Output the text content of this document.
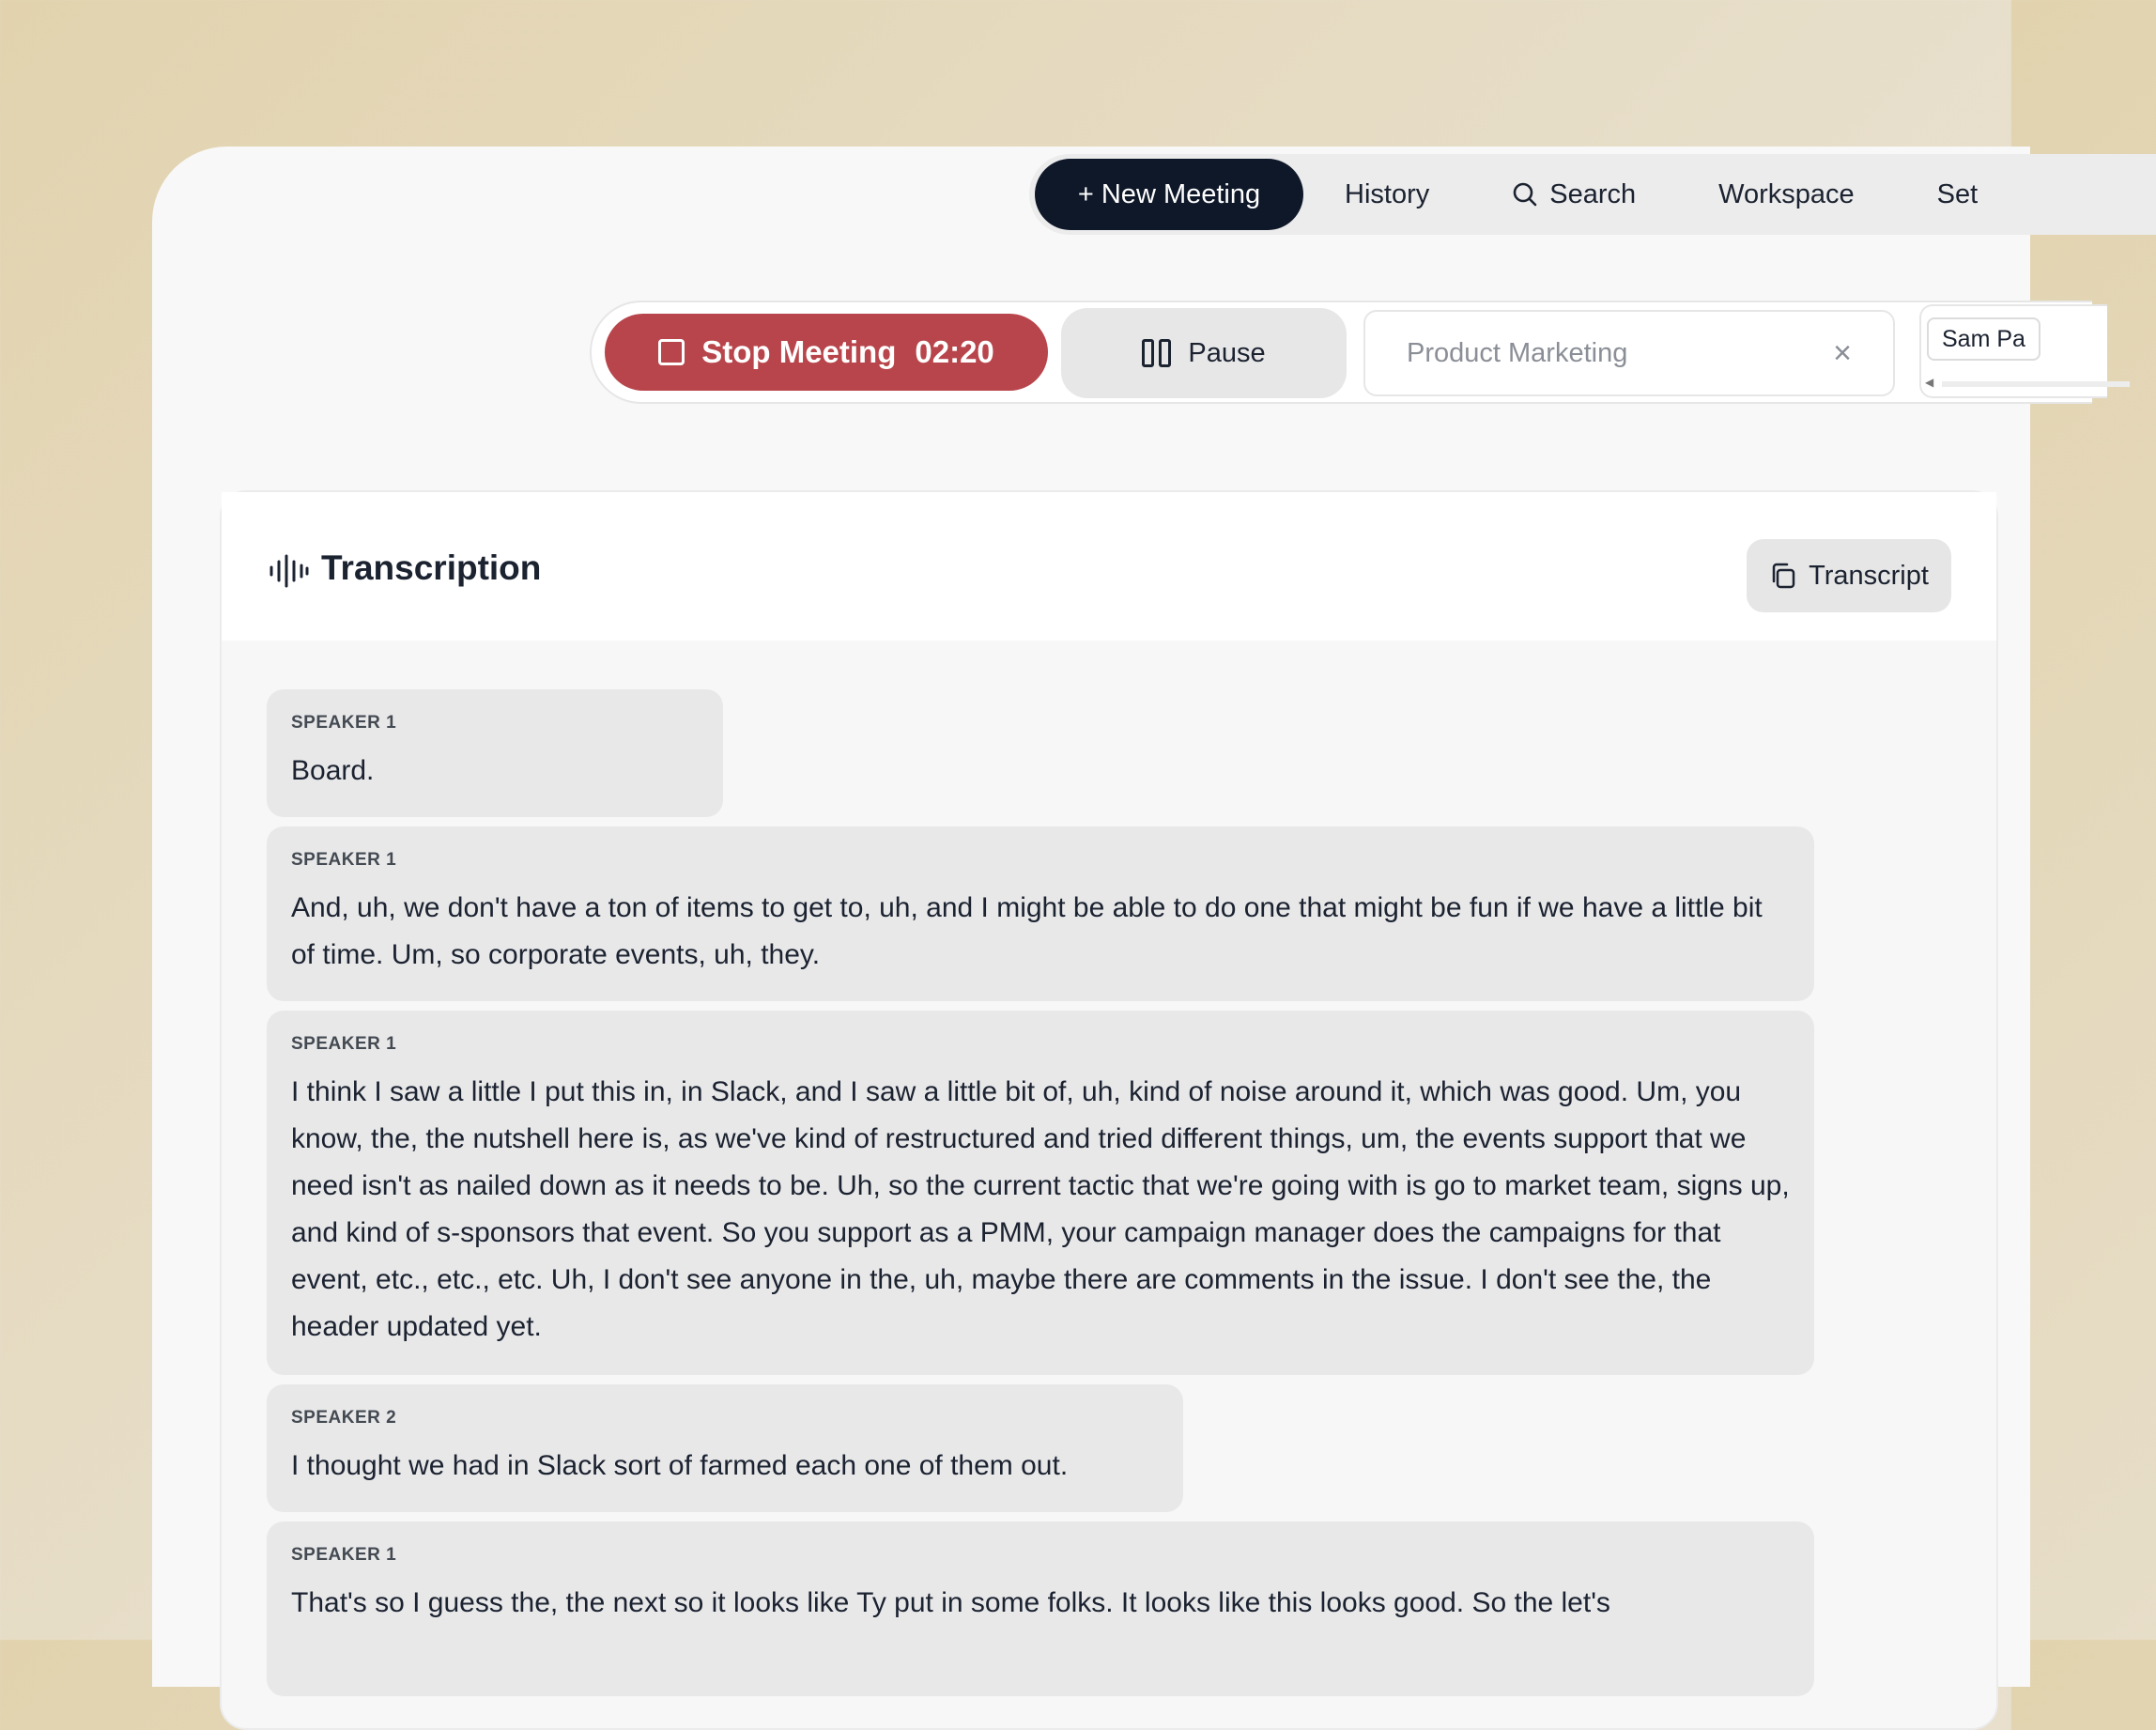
+ New Meeting	History	Search	Workspace	Set
Stop Meeting 02:20	Pause	Product Marketing	×	Sam Pa
◀
Transcription	Transcript
SPEAKER 1
Board.
SPEAKER 1
And, uh, we don't have a ton of items to get to, uh, and I might be able to do one that might be fun if we have a little bit of time. Um, so corporate events, uh, they.
SPEAKER 1
I think I saw a little I put this in, in Slack, and I saw a little bit of, uh, kind of noise around it, which was good. Um, you know, the, the nutshell here is, as we've kind of restructured and tried different things, um, the events support that we need isn't as nailed down as it needs to be. Uh, so the current tactic that we're going with is go to market team, signs up, and kind of s-sponsors that event. So you support as a PMM, your campaign manager does the campaigns for that event, etc., etc., etc. Uh, I don't see anyone in the, uh, maybe there are comments in the issue. I don't see the, the header updated yet.
SPEAKER 2
I thought we had in Slack sort of farmed each one of them out.
SPEAKER 1
That's so I guess the, the next so it looks like Ty put in some folks. It looks like this looks good. So the let's
